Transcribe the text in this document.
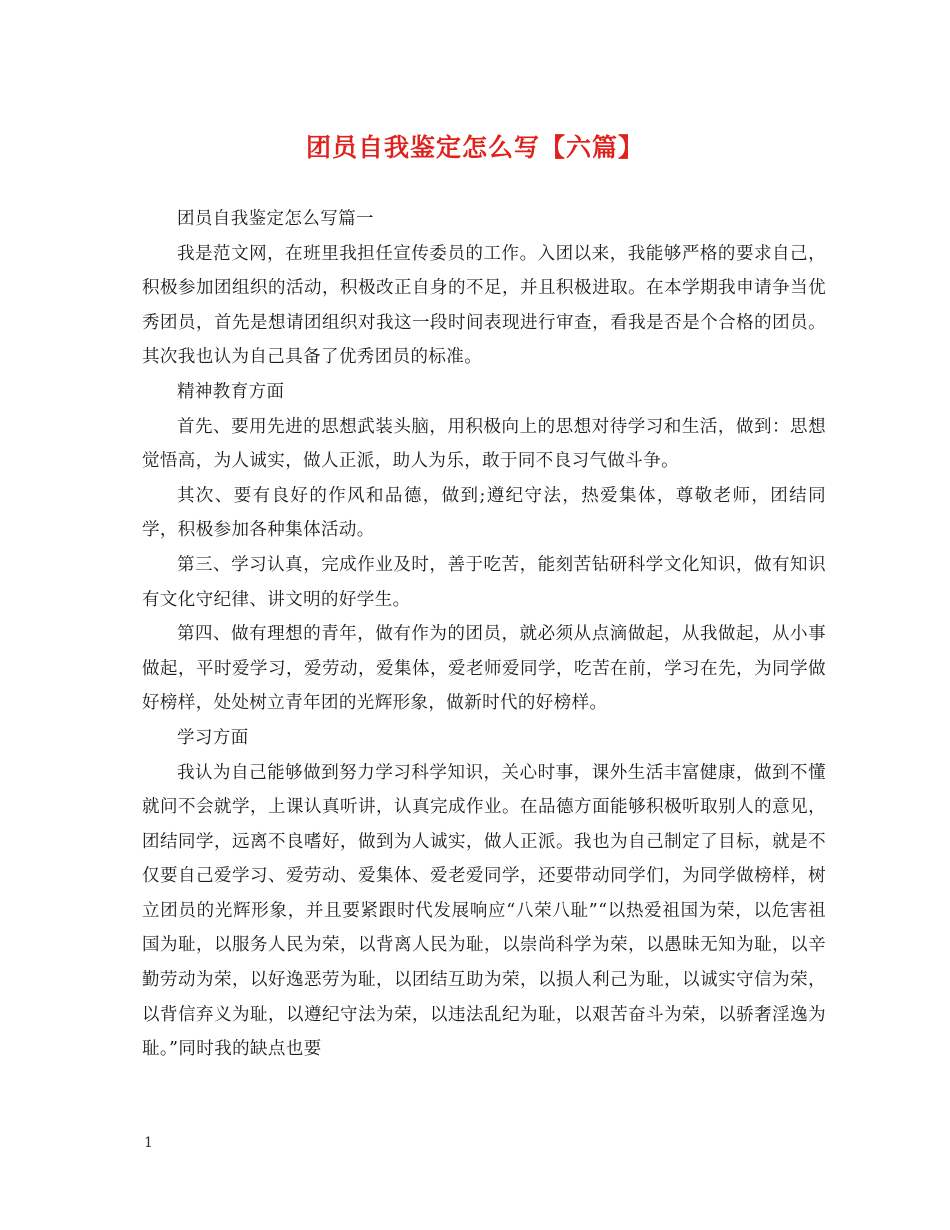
团员自我鉴定怎么写【六篇】

团员自我鉴定怎么写篇一

我是范文网，在班里我担任宣传委员的工作。入团以来，我能够严格的要求自己，积极参加团组织的活动，积极改正自身的不足，并且积极进取。在本学期我申请争当优秀团员，首先是想请团组织对我这一段时间表现进行审查，看我是否是个合格的团员。其次我也认为自己具备了优秀团员的标准。

精神教育方面

首先、要用先进的思想武装头脑，用积极向上的思想对待学习和生活，做到：思想觉悟高，为人诚实，做人正派，助人为乐，敢于同不良习气做斗争。

其次、要有良好的作风和品德，做到;遵纪守法，热爱集体，尊敬老师，团结同学，积极参加各种集体活动。

第三、学习认真，完成作业及时，善于吃苦，能刻苦钻研科学文化知识，做有知识有文化守纪律、讲文明的好学生。

第四、做有理想的青年，做有作为的团员，就必须从点滴做起，从我做起，从小事做起，平时爱学习，爱劳动，爱集体，爱老师爱同学，吃苦在前，学习在先，为同学做好榜样，处处树立青年团的光辉形象，做新时代的好榜样。

学习方面

我认为自己能够做到努力学习科学知识，关心时事，课外生活丰富健康，做到不懂就问不会就学，上课认真听讲，认真完成作业。在品德方面能够积极听取别人的意见，团结同学，远离不良嗜好，做到为人诚实，做人正派。我也为自己制定了目标，就是不仅要自己爱学习、爱劳动、爱集体、爱老爱同学，还要带动同学们，为同学做榜样，树立团员的光辉形象，并且要紧跟时代发展响应“八荣八耻”“以热爱祖国为荣，以危害祖国为耻，以服务人民为荣，以背离人民为耻，以崇尚科学为荣，以愚昧无知为耻，以辛勤劳动为荣，以好逸恶劳为耻，以团结互助为荣，以损人利己为耻，以诚实守信为荣，以背信弃义为耻，以遵纪守法为荣，以违法乱纪为耻，以艰苦奋斗为荣，以骄奢淫逸为耻。”同时我的缺点也要

1
